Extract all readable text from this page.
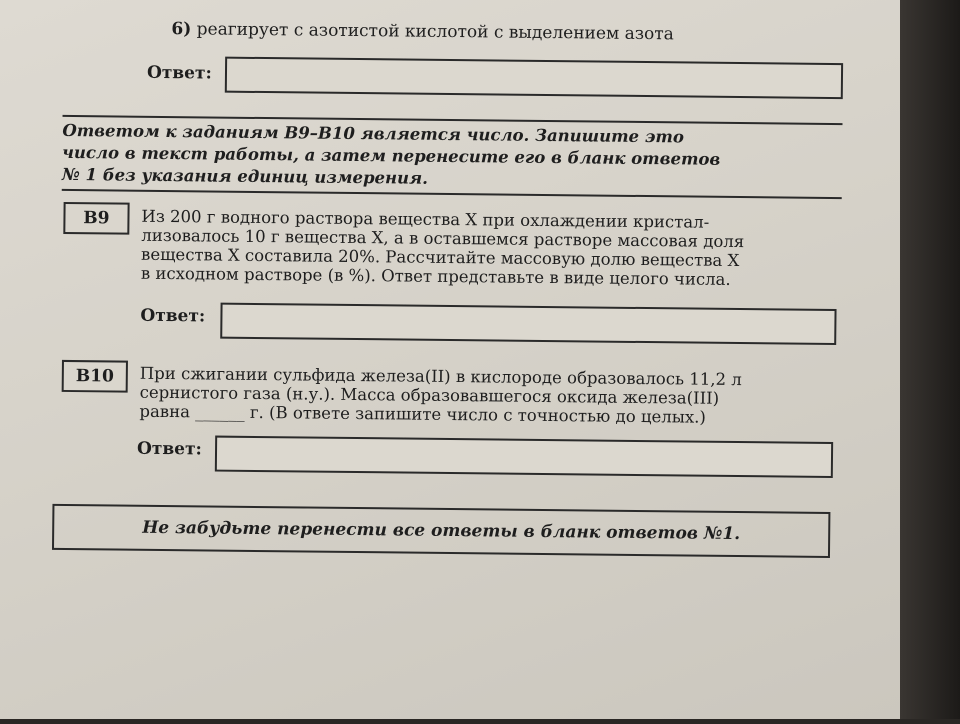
6) реагирует с азотистой кислотой с выделением азота
Ответ:
Ответом к заданиям В9–В10 является число. Запишите это
число в текст работы, а затем перенесите его в бланк ответов
№ 1 без указания единиц измерения.
В9	Из 200 г водного раствора вещества Х при охлаждении кристал-
лизовалось 10 г вещества Х, а в оставшемся растворе массовая доля
вещества Х составила 20%. Рассчитайте массовую долю вещества Х
в исходном растворе (в %). Ответ представьте в виде целого числа.
Ответ:
В10	При сжигании сульфида железа(II) в кислороде образовалось 11,2 л
сернистого газа (н.у.). Масса образовавшегося оксида железа(III)
равна ______ г. (В ответе запишите число с точностью до целых.)
Ответ:
Не забудьте перенести все ответы в бланк ответов №1.
